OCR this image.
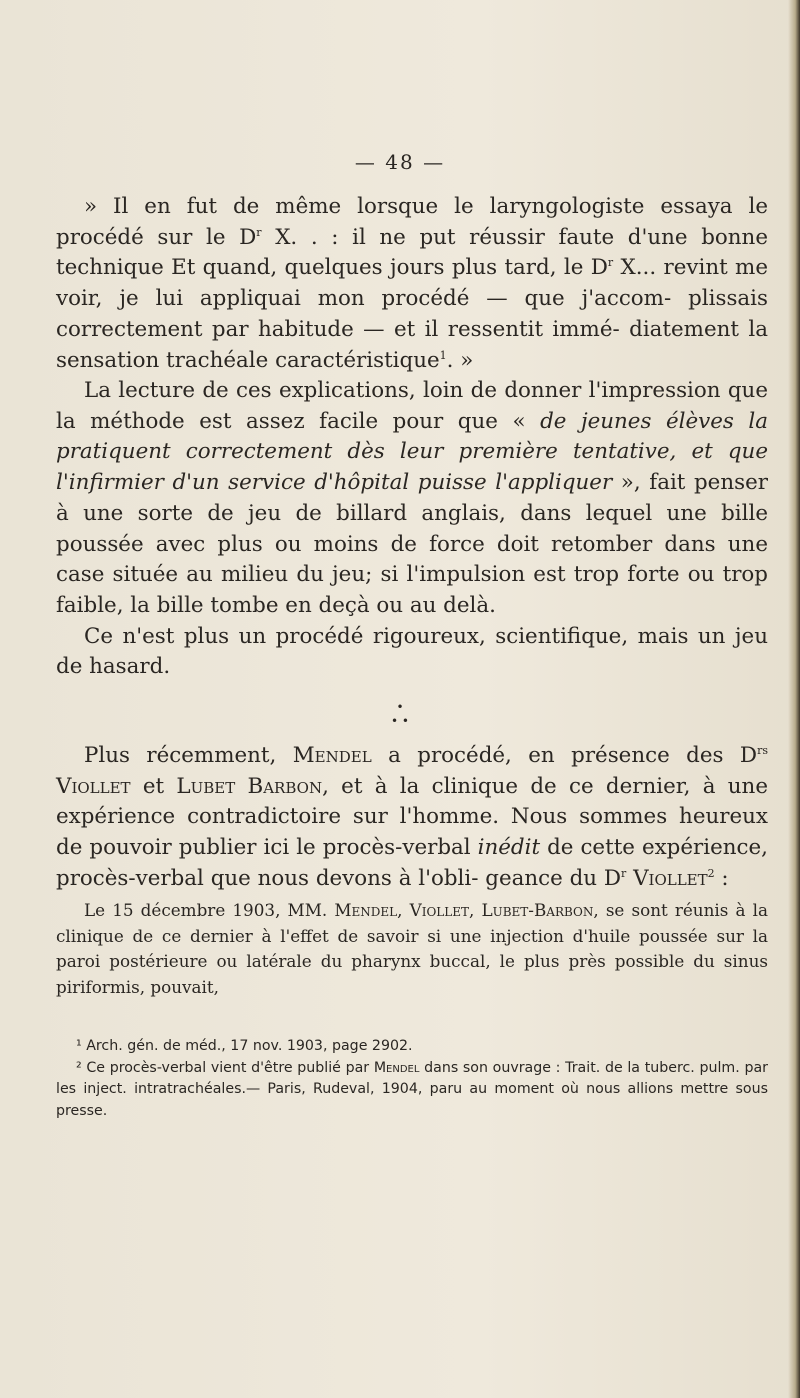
— 48 —

» Il en fut de même lorsque le laryngologiste essaya le procédé sur le $D^r$ X. . : il ne put réussir faute d'une bonne technique Et quand, quelques jours plus tard, le $D^r$ X... revint me voir, je lui appliquai mon procédé — que j'accom- plissais correctement par habitude — et il ressentit immé- diatement la sensation trachéale caractéristique$^1$. »

La lecture de ces explications, loin de donner l'impression que la méthode est assez facile pour que « de jeunes élèves la pratiquent correctement dès leur première tentative, et que l'infirmier d'un service d'hôpital puisse l'appliquer », fait penser à une sorte de jeu de billard anglais, dans lequel une bille poussée avec plus ou moins de force doit retomber dans une case située au milieu du jeu; si l'impulsion est trop forte ou trop faible, la bille tombe en deçà ou au delà.

Ce n'est plus un procédé rigoureux, scientifique, mais un jeu de hasard.

•
• •

Plus récemment, Mendel a procédé, en présence des $D^{rs}$ Viollet et Lubet Barbon, et à la clinique de ce dernier, à une expérience contradictoire sur l'homme. Nous sommes heureux de pouvoir publier ici le procès-verbal inédit de cette expérience, procès-verbal que nous devons à l'obli- geance du $D^r$ Viollet$^2$ :

Le 15 décembre 1903, MM. Mendel, Viollet, Lubet-Barbon, se sont réunis à la clinique de ce dernier à l'effet de savoir si une injection d'huile poussée sur la paroi postérieure ou latérale du pharynx buccal, le plus près possible du sinus piriformis, pouvait,

¹ Arch. gén. de méd., 17 nov. 1903, page 2902.

² Ce procès-verbal vient d'être publié par Mendel dans son ouvrage : Trait. de la tuberc. pulm. par les inject. intratrachéales.— Paris, Rudeval, 1904, paru au moment où nous allions mettre sous presse.
